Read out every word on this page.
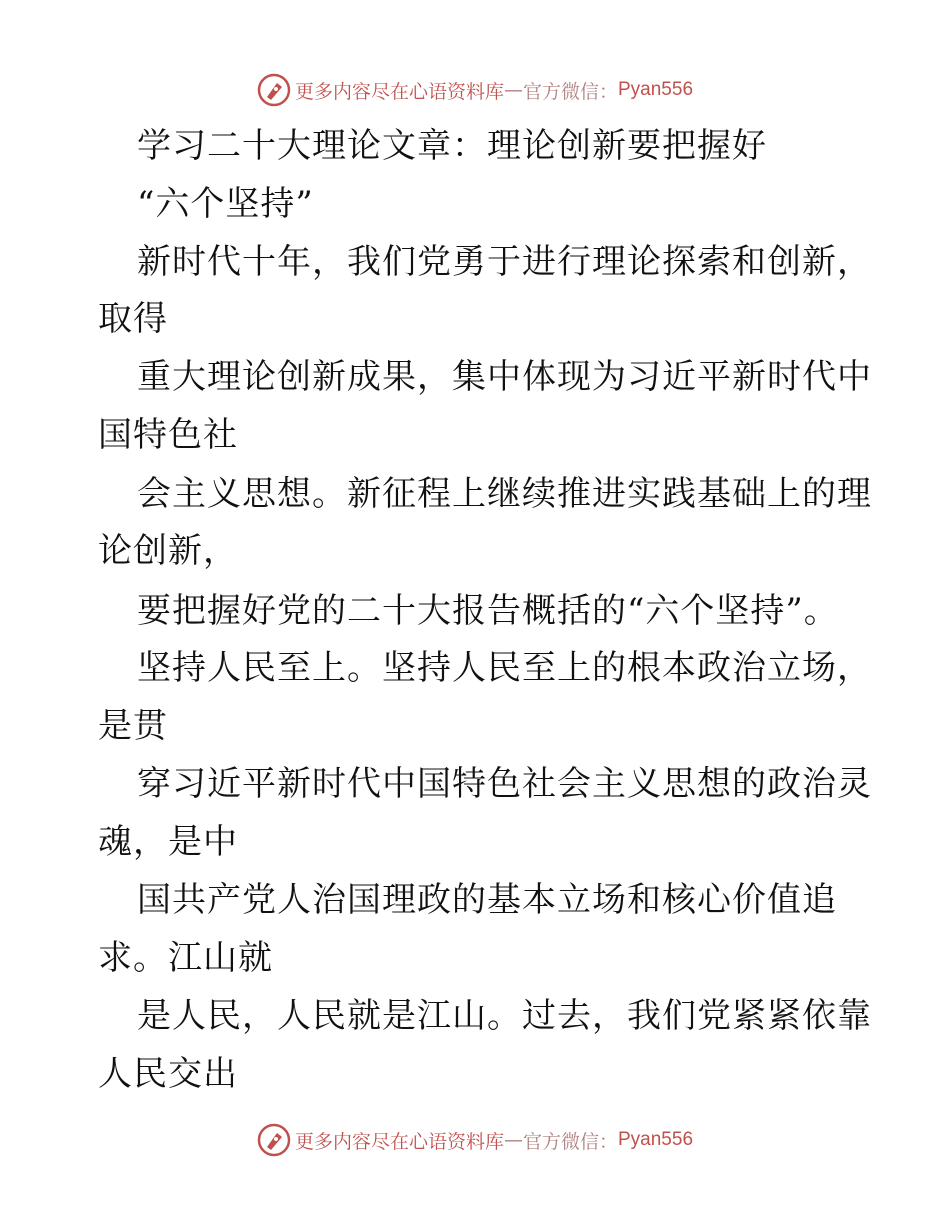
更多内容尽在心语资料库 — 官方微信： Pyan556
学习二十大理论文章：理论创新要把握好
“六个坚持”
新时代十年，我们党勇于进行理论探索和创新，
取得
重大理论创新成果，集中体现为习近平新时代中
国特色社
会主义思想。新征程上继续推进实践基础上的理
论创新，
要把握好党的二十大报告概括的“六个坚持”。
坚持人民至上。坚持人民至上的根本政治立场，
是贯
穿习近平新时代中国特色社会主义思想的政治灵
魂，是中
国共产党人治国理政的基本立场和核心价值追
求。江山就
是人民，人民就是江山。过去，我们党紧紧依靠
人民交出
更多内容尽在心语资料库 — 官方微信： Pyan556
